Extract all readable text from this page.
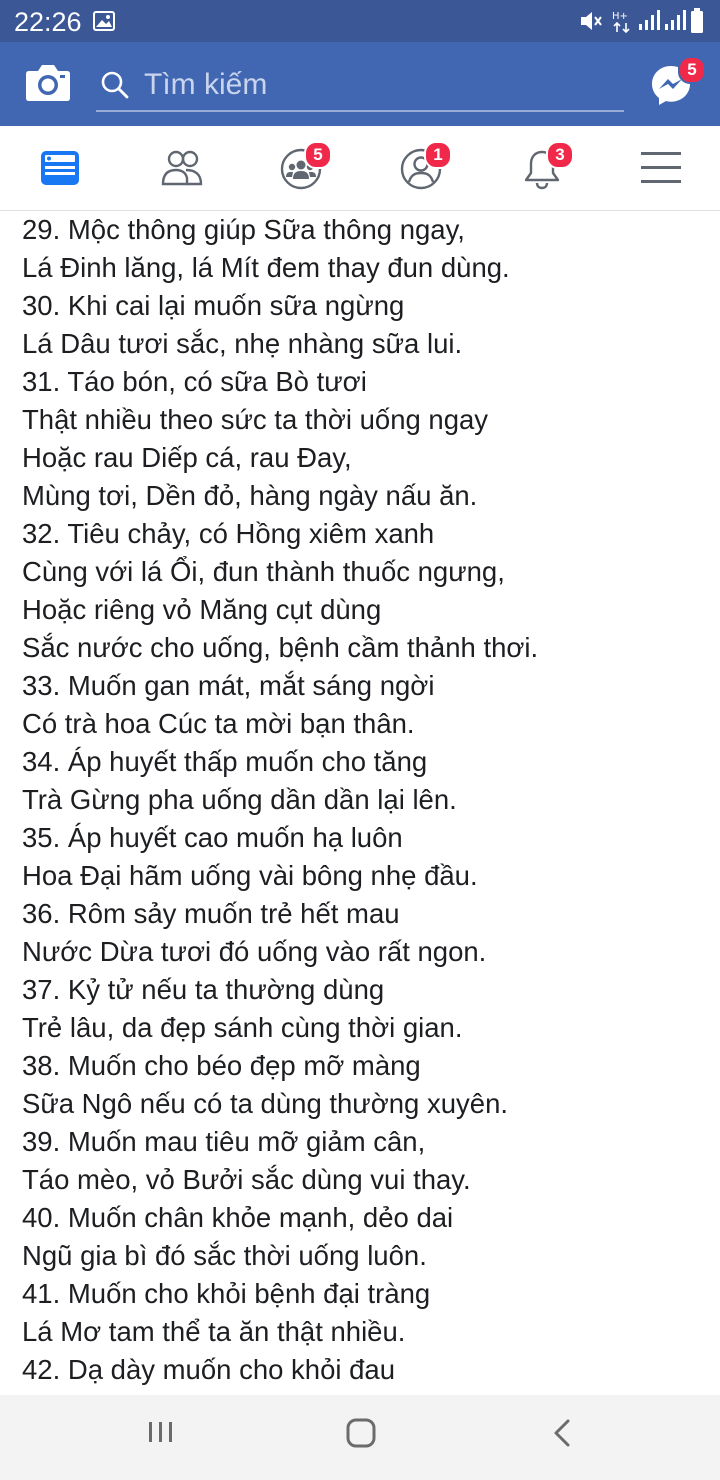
22:26	H+
Tìm kiếm
5
5	1	3
29. Mộc thông giúp Sữa thông ngay,
Lá Đinh lăng, lá Mít đem thay đun dùng.
30. Khi cai lại muốn sữa ngừng
Lá Dâu tươi sắc, nhẹ nhàng sữa lui.
31. Táo bón, có sữa Bò tươi
Thật nhiều theo sức ta thời uống ngay
Hoặc rau Diếp cá, rau Đay,
Mùng tơi, Dền đỏ, hàng ngày nấu ăn.
32. Tiêu chảy, có Hồng xiêm xanh
Cùng với lá Ổi, đun thành thuốc ngưng,
Hoặc riêng vỏ Măng cụt dùng
Sắc nước cho uống, bệnh cầm thảnh thơi.
33. Muốn gan mát, mắt sáng ngời
Có trà hoa Cúc ta mời bạn thân.
34. Áp huyết thấp muốn cho tăng
Trà Gừng pha uống dần dần lại lên.
35. Áp huyết cao muốn hạ luôn
Hoa Đại hãm uống vài bông nhẹ đầu.
36. Rôm sảy muốn trẻ hết mau
Nước Dừa tươi đó uống vào rất ngon.
37. Kỷ tử nếu ta thường dùng
Trẻ lâu, da đẹp sánh cùng thời gian.
38. Muốn cho béo đẹp mỡ màng
Sữa Ngô nếu có ta dùng thường xuyên.
39. Muốn mau tiêu mỡ giảm cân,
Táo mèo, vỏ Bưởi sắc dùng vui thay.
40. Muốn chân khỏe mạnh, dẻo dai
Ngũ gia bì đó sắc thời uống luôn.
41. Muốn cho khỏi bệnh đại tràng
Lá Mơ tam thể ta ăn thật nhiều.
42. Dạ dày muốn cho khỏi đau
